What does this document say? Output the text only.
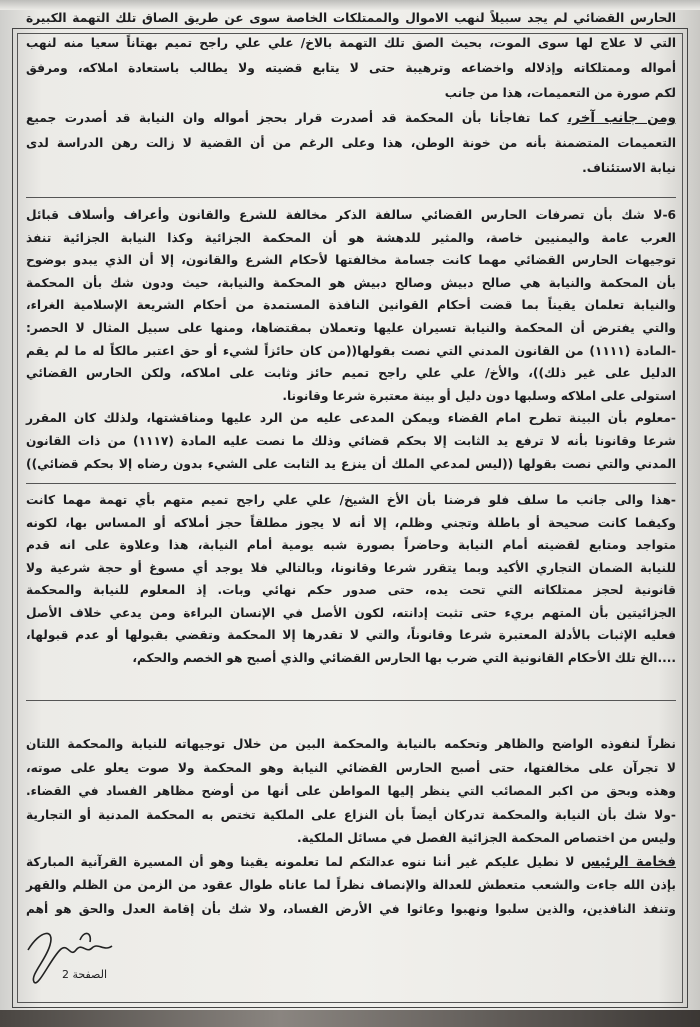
الحارس القضائي لم يجد سبيلاً لنهب الاموال والممتلكات الخاصة سوى عن طريق الصاق تلك التهمة الكبيرة
التي لا علاج لها سوى الموت، بحيث الصق تلك التهمة بالاخ/ علي علي راجح تميم بهتاناً سعيا منه لنهب
أمواله وممتلكاته وإذلاله واخضاعه وترهيبة حتى لا يتابع قضيته ولا يطالب باستعادة املاكه، ومرفق
لكم صورة من التعميمات، هذا من جانب
ومن جانب آخر، كما تفاجأنا بأن المحكمة قد أصدرت قرار بحجز أمواله وان النيابة قد أصدرت جميع
التعميمات المتضمنة بأنه من خونة الوطن، هذا وعلى الرغم من أن القضية لا زالت رهن الدراسة لدى
نيابة الاستئناف.
6-لا شك بأن تصرفات الحارس القضائي سالفة الذكر مخالفة للشرع والقانون وأعراف وأسلاف قبائل
العرب عامة واليمنيين خاصة، والمثير للدهشة هو أن المحكمة الجزائية وكذا النيابة الجزائية تنفذ
توجيهات الحارس القضائي مهما كانت جسامة مخالفتها لأحكام الشرع والقانون، إلا أن الذي يبدو بوضوح
بأن المحكمة والنيابة هي صالح دبيش وصالح دبيش هو المحكمة والنيابة، حيث ودون شك بأن المحكمة
والنيابة تعلمان يقيناً بما قضت أحكام القوانين النافذة المستمدة من أحكام الشريعة الإسلامية الغراء،
والتي يفترض أن المحكمة والنيابة تسيران عليها وتعملان بمقتضاها، ومنها على سبيل المثال لا الحصر:
-المادة (١١١١) من القانون المدني التي نصت بقولها((من كان حائزاً لشيء أو حق اعتبر مالكاً له ما لم يقم
الدليل على غير ذلك))، والأخ/ علي علي راجح تميم حائز وثابت على املاكه، ولكن الحارس القضائي
استولى على املاكه وسلبها دون دليل أو بينة معتبرة شرعا وقانونا.
-معلوم بأن البينة تطرح امام القضاء ويمكن المدعى عليه من الرد عليها ومناقشتها، ولذلك كان المقرر
شرعا وقانونا بأنه لا ترفع يد الثابت إلا بحكم قضائي وذلك ما نصت عليه المادة (١١١٧) من ذات القانون
المدني والتي نصت بقولها ((ليس لمدعي الملك أن ينزع يد الثابت على الشيء بدون رضاه إلا بحكم قضائي))
-هذا والى جانب ما سلف فلو فرضنا بأن الأخ الشيخ/ علي علي راجح تميم متهم بأي تهمة مهما كانت
وكيفما كانت صحيحة أو باطلة وتجني وظلم، إلا أنه لا يجوز مطلقاً حجز أملاكه أو المساس بها، لكونه
متواجد ومتابع لقضيته أمام النيابة وحاضراً بصورة شبه يومية أمام النيابة، هذا وعلاوة على انه قدم
للنيابة الضمان التجاري الأكيد وبما يتقرر شرعا وقانونا، وبالتالي فلا يوجد أي مسوغ أو حجة شرعية ولا
قانونية لحجز ممتلكاته التي تحت يده، حتى صدور حكم نهائي وبات. إذ المعلوم للنيابة والمحكمة
الجزائيتين بأن المتهم بريء حتى تثبت إدانته، لكون الأصل في الإنسان البراءة ومن يدعي خلاف الأصل
فعليه الإثبات بالأدلة المعتبرة شرعا وقانوناً، والتي لا تقدرها إلا المحكمة وتقضي بقبولها أو عدم قبولها،
....الخ تلك الأحكام القانونية التي ضرب بها الحارس القضائي والذي أصبح هو الخصم والحكم،
نظراً لنفوذه الواضح والظاهر وتحكمه بالنيابة والمحكمة البين من خلال توجيهاته للنيابة والمحكمة اللتان
لا تجرآن على مخالفتها، حتى أصبح الحارس القضائي النيابة وهو المحكمة ولا صوت يعلو على صوته،
وهذه وبحق من اكبر المصائب التي ينظر إليها المواطن على أنها من أوضح مظاهر الفساد في القضاء.
-ولا شك بأن النيابة والمحكمة تدركان أيضاً بأن النزاع على الملكية تختص به المحكمة المدنية أو التجارية
وليس من اختصاص المحكمة الجزائية الفصل في مسائل الملكية.
فخامة الرئيس لا نطيل عليكم غير أننا ننوه عدالتكم لما تعلمونه يقينا وهو أن المسيرة القرآنية المباركة
بإذن الله جاءت والشعب متعطش للعدالة والإنصاف نظراً لما عاناه طوال عقود من الزمن من الظلم والقهر
وتنفذ النافذين، والذين سلبوا ونهبوا وعاثوا في الأرض الفساد، ولا شك بأن إقامة العدل والحق هو أهم
الصفحة 2
